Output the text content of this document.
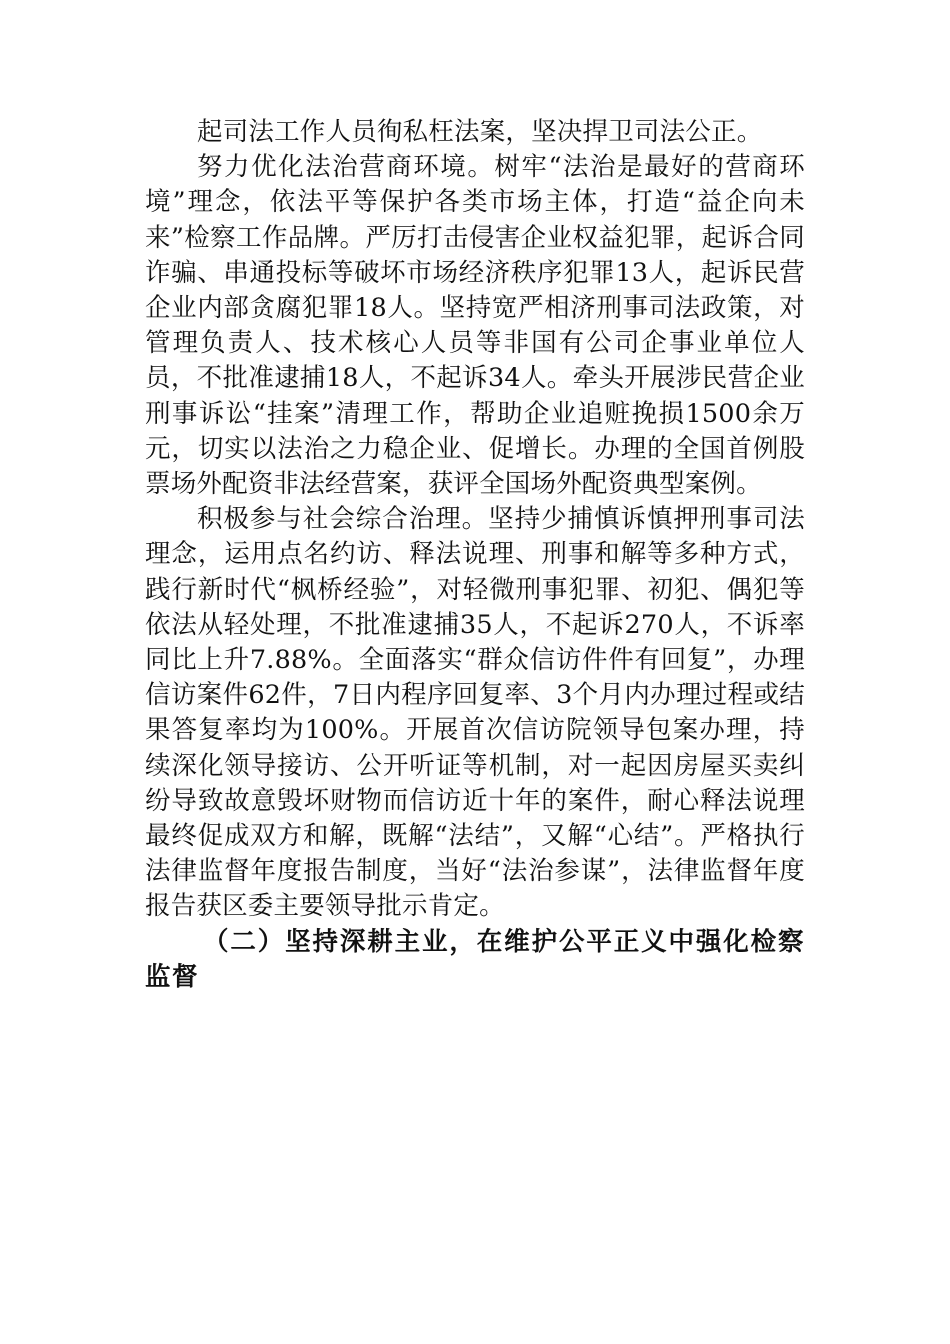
起司法工作人员徇私枉法案，坚决捍卫司法公正。

努力优化法治营商环境。树牢“法治是最好的营商环境”理念，依法平等保护各类市场主体，打造“益企向未来”检察工作品牌。严厉打击侵害企业权益犯罪，起诉合同诈骗、串通投标等破坏市场经济秩序犯罪13人，起诉民营企业内部贪腐犯罪18人。坚持宽严相济刑事司法政策，对管理负责人、技术核心人员等非国有公司企事业单位人员，不批准逮捕18人，不起诉34人。牵头开展涉民营企业刑事诉讼“挂案”清理工作，帮助企业追赃挽损1500余万元，切实以法治之力稳企业、促增长。办理的全国首例股票场外配资非法经营案，获评全国场外配资典型案例。

积极参与社会综合治理。坚持少捕慎诉慎押刑事司法理念，运用点名约访、释法说理、刑事和解等多种方式，践行新时代“枫桥经验”，对轻微刑事犯罪、初犯、偶犯等依法从轻处理，不批准逮捕35人，不起诉270人，不诉率同比上升7.88%。全面落实“群众信访件件有回复”，办理信访案件62件，7日内程序回复率、3个月内办理过程或结果答复率均为100%。开展首次信访院领导包案办理，持续深化领导接访、公开听证等机制，对一起因房屋买卖纠纷导致故意毁坏财物而信访近十年的案件，耐心释法说理最终促成双方和解，既解“法结”，又解“心结”。严格执行法律监督年度报告制度，当好“法治参谋”，法律监督年度报告获区委主要领导批示肯定。

（二）坚持深耕主业，在维护公平正义中强化检察监督
